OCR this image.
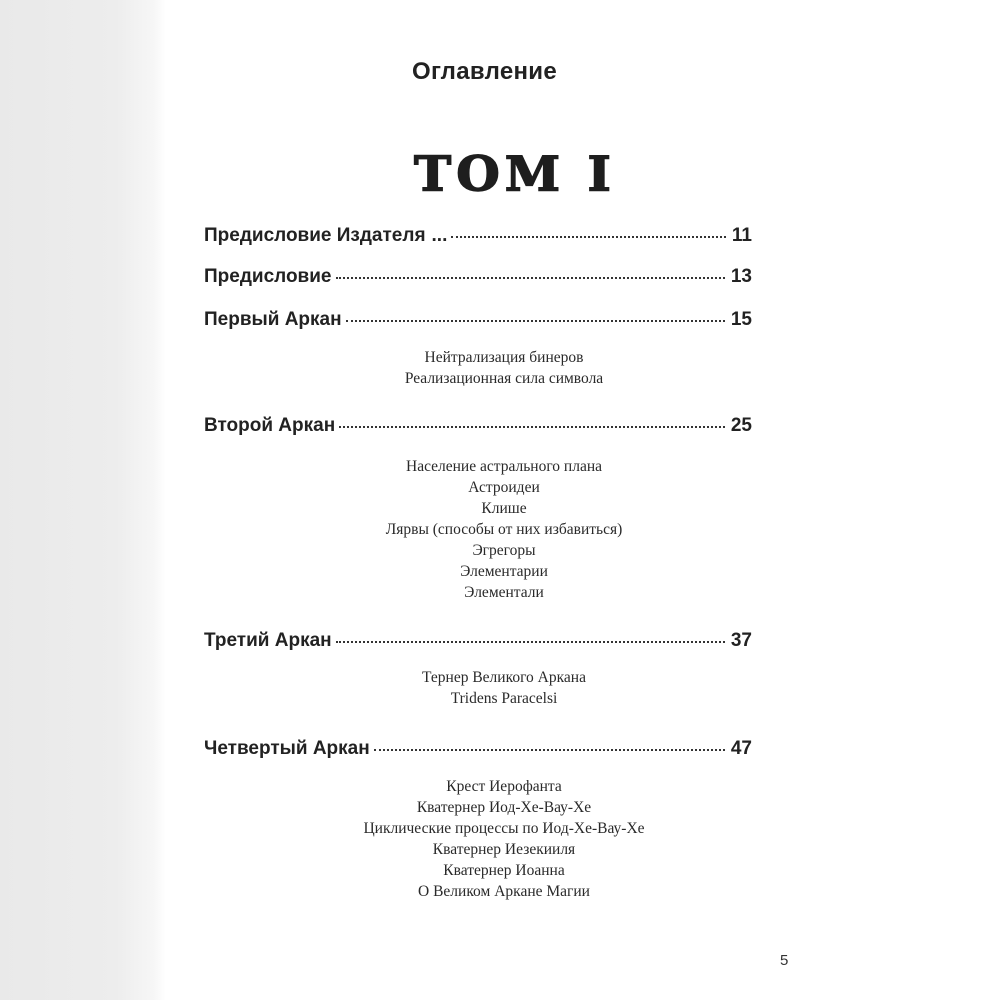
Оглавление
ТОМ I
Предисловие Издателя ...	11
Предисловие	13
Первый Аркан	15
Нейтрализация бинеров
Реализационная сила символа
Второй Аркан	25
Население астрального плана
Астроидеи
Клише
Лярвы (способы от них избавиться)
Эгрегоры
Элементарии
Элементали
Третий Аркан	37
Тернер Великого Аркана
Tridens Paracelsi
Четвертый Аркан	47
Крест Иерофанта
Кватернер Иод-Хе-Вау-Хе
Циклические процессы по Иод-Хе-Вау-Хе
Кватернер Иезекииля
Кватернер Иоанна
О Великом Аркане Магии
5
